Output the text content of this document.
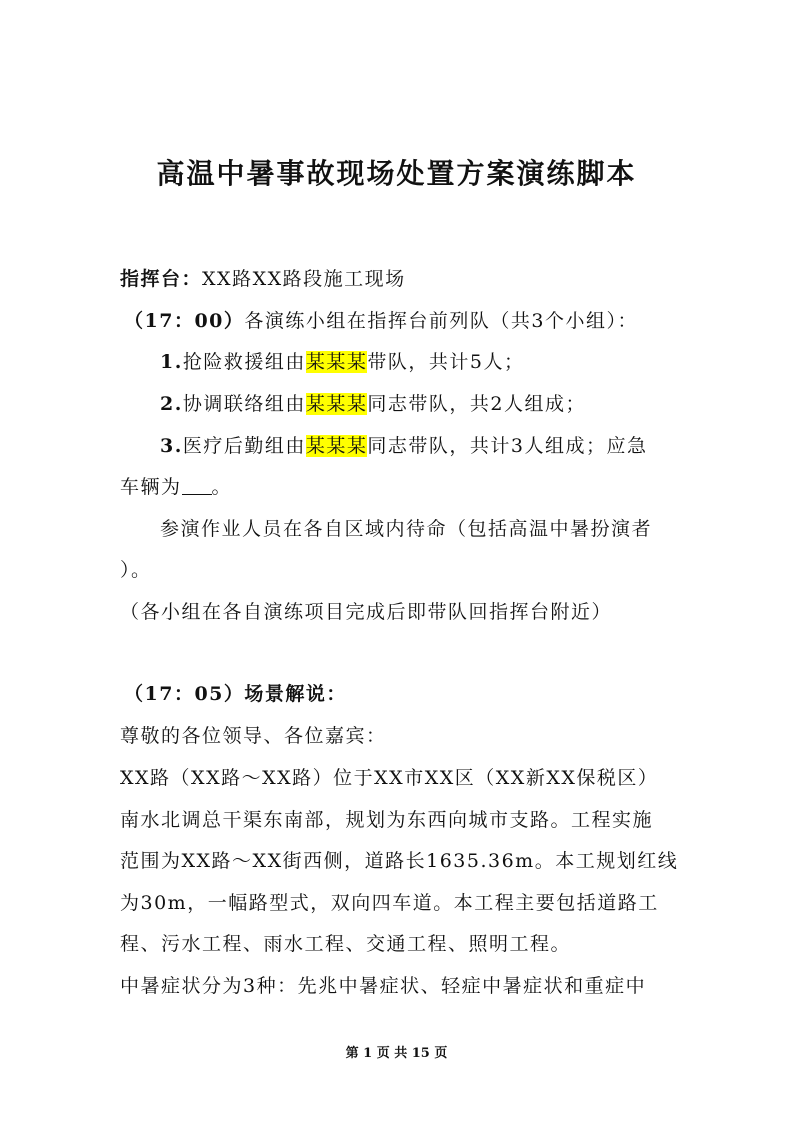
高温中暑事故现场处置方案演练脚本
指挥台：XX路XX路段施工现场
（17：00）各演练小组在指挥台前列队（共3个小组）：
1.抢险救援组由某某某带队，共计5人；
2.协调联络组由某某某同志带队，共2人组成；
3.医疗后勤组由某某某同志带队，共计3人组成；应急
车辆为 。
参演作业人员在各自区域内待命（包括高温中暑扮演者
）。
（各小组在各自演练项目完成后即带队回指挥台附近）
（17：05）场景解说：
尊敬的各位领导、各位嘉宾：
XX路（XX路～XX路）位于XX市XX区（XX新XX保税区）
南水北调总干渠东南部，规划为东西向城市支路。工程实施
范围为XX路～XX街西侧，道路长1635.36m。本工规划红线
为30m，一幅路型式，双向四车道。本工程主要包括道路工
程、污水工程、雨水工程、交通工程、照明工程。
中暑症状分为3种：先兆中暑症状、轻症中暑症状和重症中
第 1 页 共 15 页
